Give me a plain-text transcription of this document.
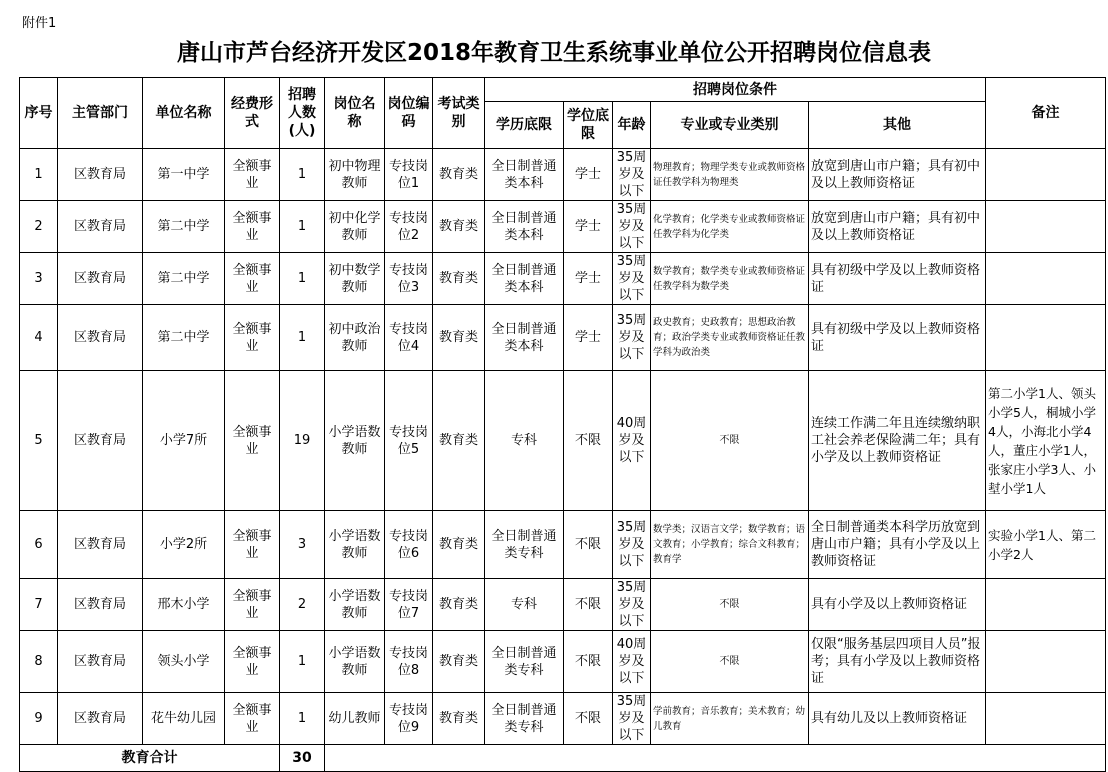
附件1
唐山市芦台经济开发区2018年教育卫生系统事业单位公开招聘岗位信息表
序号	主管部门	单位名称	经费形式	招聘人数(人)	岗位名称	岗位编码	考试类别	招聘岗位条件					备注
								学历底限	学位底限	年龄	专业或专业类别	其他	
1	区教育局	第一中学	全额事业	1	初中物理教师	专技岗位1	教育类	全日制普通类本科	学士	35周岁及以下	物理教育；物理学类专业或教师资格证任教学科为物理类	放宽到唐山市户籍；具有初中及以上教师资格证	
2	区教育局	第二中学	全额事业	1	初中化学教师	专技岗位2	教育类	全日制普通类本科	学士	35周岁及以下	化学教育；化学类专业或教师资格证任教学科为化学类	放宽到唐山市户籍；具有初中及以上教师资格证	
3	区教育局	第二中学	全额事业	1	初中数学教师	专技岗位3	教育类	全日制普通类本科	学士	35周岁及以下	数学教育；数学类专业或教师资格证任教学科为数学类	具有初级中学及以上教师资格证	
4	区教育局	第二中学	全额事业	1	初中政治教师	专技岗位4	教育类	全日制普通类本科	学士	35周岁及以下	政史教育；史政教育；思想政治教育；政治学类专业或教师资格证任教学科为政治类	具有初级中学及以上教师资格证	
5	区教育局	小学7所	全额事业	19	小学语数教师	专技岗位5	教育类	专科	不限	40周岁及以下	不限	连续工作满二年且连续缴纳职工社会养老保险满二年；具有小学及以上教师资格证	第二小学1人、领头小学5人，桐城小学4人，小海北小学4人，董庄小学1人，张家庄小学3人、小堼小学1人
6	区教育局	小学2所	全额事业	3	小学语数教师	专技岗位6	教育类	全日制普通类专科	不限	35周岁及以下	数学类；汉语言文学；数学教育；语文教育；小学教育；综合文科教育；教育学	全日制普通类本科学历放宽到唐山市户籍；具有小学及以上教师资格证	实验小学1人、第二小学2人
7	区教育局	邢木小学	全额事业	2	小学语数教师	专技岗位7	教育类	专科	不限	35周岁及以下	不限	具有小学及以上教师资格证	
8	区教育局	领头小学	全额事业	1	小学语数教师	专技岗位8	教育类	全日制普通类专科	不限	40周岁及以下	不限	仅限“服务基层四项目人员”报考；具有小学及以上教师资格证	
9	区教育局	花牛幼儿园	全额事业	1	幼儿教师	专技岗位9	教育类	全日制普通类专科	不限	35周岁及以下	学前教育；音乐教育；美术教育；幼儿教育	具有幼儿及以上教师资格证	
教育合计				30									
